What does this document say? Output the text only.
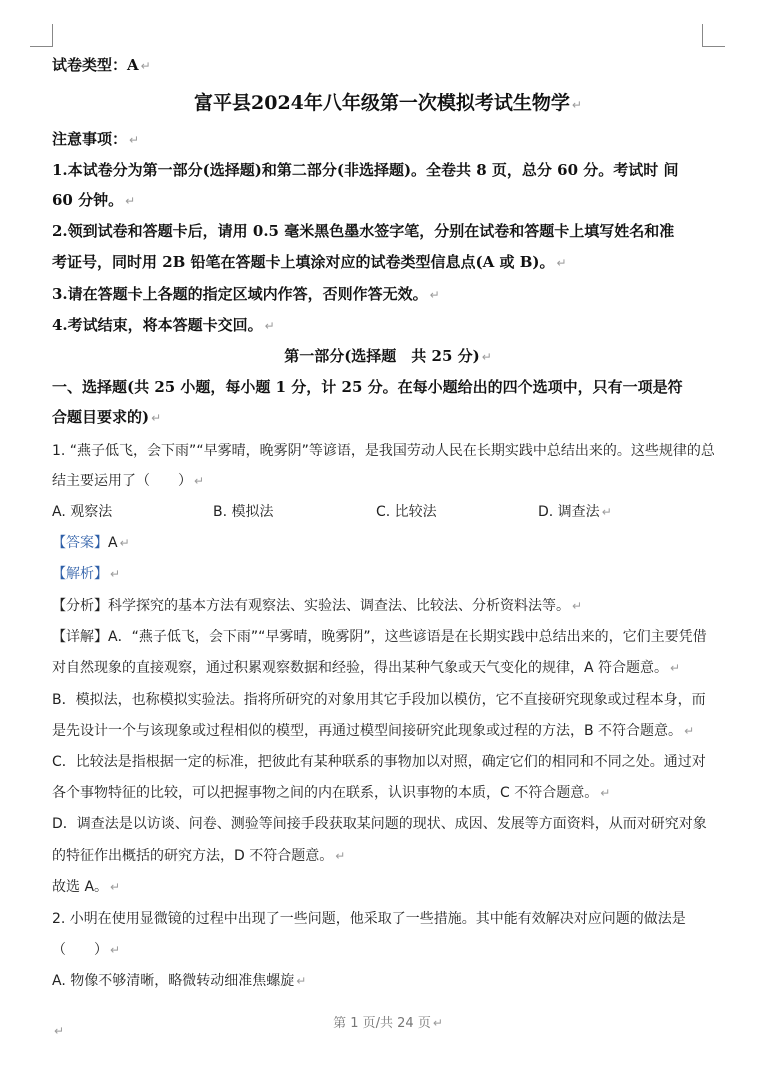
试卷类型：A ↵
富平县2024年八年级第一次模拟考试生物学 ↵
注意事项： ↵
1.本试卷分为第一部分(选择题)和第二部分(非选择题)。全卷共 8 页，总分 60 分。考试时 间
60 分钟。 ↵
2.领到试卷和答题卡后，请用 0.5 毫米黑色墨水签字笔，分别在试卷和答题卡上填写姓名和准
考证号，同时用 2B 铅笔在答题卡上填涂对应的试卷类型信息点(A 或 B)。 ↵
3.请在答题卡上各题的指定区域内作答，否则作答无效。 ↵
4.考试结束，将本答题卡交回。 ↵
第一部分(选择题　共 25 分) ↵
一、选择题(共 25 小题，每小题 1 分，计 25 分。在每小题给出的四个选项中，只有一项是符
合题目要求的) ↵
1. “燕子低飞，会下雨”“早雾晴，晚雾阴”等谚语，是我国劳动人民在长期实践中总结出来的。这些规律的总
结主要运用了（　　） ↵
A. 观察法	B. 模拟法	C. 比较法	D. 调查法 ↵
【答案】A ↵
【解析】 ↵
【分析】科学探究的基本方法有观察法、实验法、调查法、比较法、分析资料法等。 ↵
【详解】A．“燕子低飞，会下雨”“早雾晴，晚雾阴”，这些谚语是在长期实践中总结出来的，它们主要凭借
对自然现象的直接观察，通过积累观察数据和经验，得出某种气象或天气变化的规律，A 符合题意。 ↵
B．模拟法，也称模拟实验法。指将所研究的对象用其它手段加以模仿，它不直接研究现象或过程本身，而
是先设计一个与该现象或过程相似的模型，再通过模型间接研究此现象或过程的方法，B 不符合题意。 ↵
C．比较法是指根据一定的标准，把彼此有某种联系的事物加以对照，确定它们的相同和不同之处。通过对
各个事物特征的比较，可以把握事物之间的内在联系，认识事物的本质，C 不符合题意。 ↵
D．调查法是以访谈、问卷、测验等间接手段获取某问题的现状、成因、发展等方面资料，从而对研究对象
的特征作出概括的研究方法，D 不符合题意。 ↵
故选 A。 ↵
2. 小明在使用显微镜的过程中出现了一些问题，他采取了一些措施。其中能有效解决对应问题的做法是
（　　） ↵
A. 物像不够清晰，略微转动细准焦螺旋 ↵
第 1 页/共 24 页 ↵
↵
